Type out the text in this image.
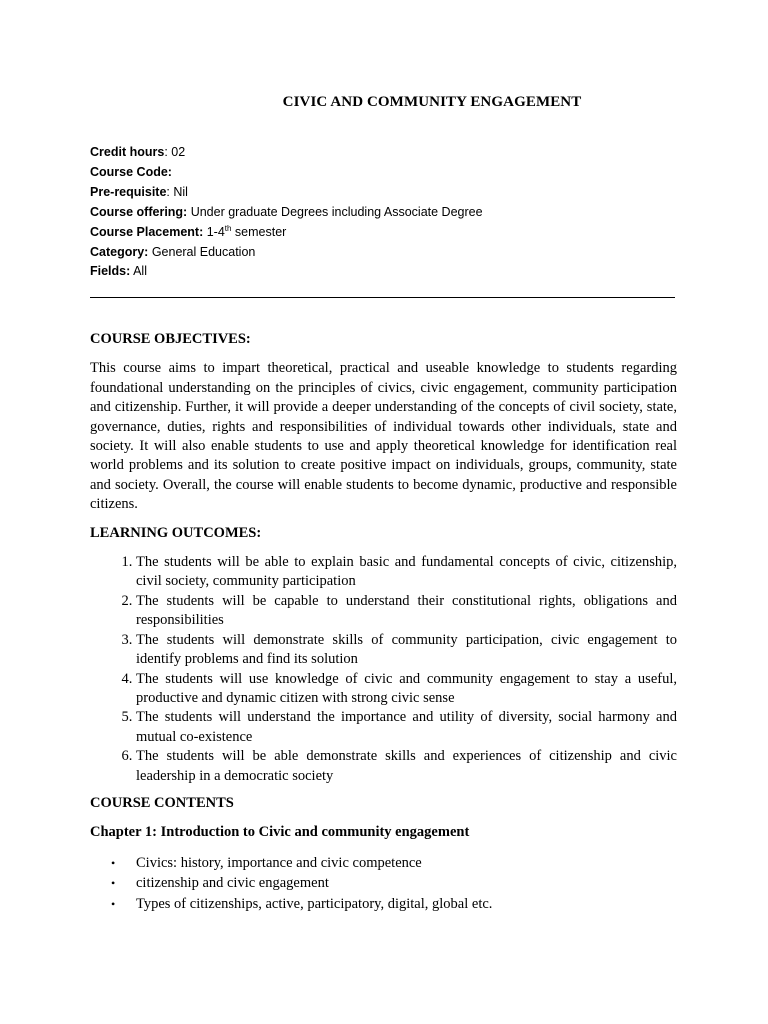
CIVIC AND COMMUNITY ENGAGEMENT
Credit hours: 02
Course Code:
Pre-requisite: Nil
Course offering: Under graduate Degrees including Associate Degree
Course Placement: 1-4th semester
Category: General Education
Fields: All

COURSE OBJECTIVES:

This course aims to impart theoretical, practical and useable knowledge to students regarding foundational understanding on the principles of civics, civic engagement, community participation and citizenship. Further, it will provide a deeper understanding of the concepts of civil society, state, governance, duties, rights and responsibilities of individual towards other individuals, state and society. It will also enable students to use and apply theoretical knowledge for identification real world problems and its solution to create positive impact on individuals, groups, community, state and society. Overall, the course will enable students to become dynamic, productive and responsible citizens.

LEARNING OUTCOMES:

1. The students will be able to explain basic and fundamental concepts of civic, citizenship, civil society, community participation
2. The students will be capable to understand their constitutional rights, obligations and responsibilities
3. The students will demonstrate skills of community participation, civic engagement to identify problems and find its solution
4. The students will use knowledge of civic and community engagement to stay a useful, productive and dynamic citizen with strong civic sense
5. The students will understand the importance and utility of diversity, social harmony and mutual co-existence
6. The students will be able demonstrate skills and experiences of citizenship and civic leadership in a democratic society

COURSE CONTENTS

Chapter 1: Introduction to Civic and community engagement

• Civics: history, importance and civic competence
• citizenship and civic engagement
• Types of citizenships, active, participatory, digital, global etc.
